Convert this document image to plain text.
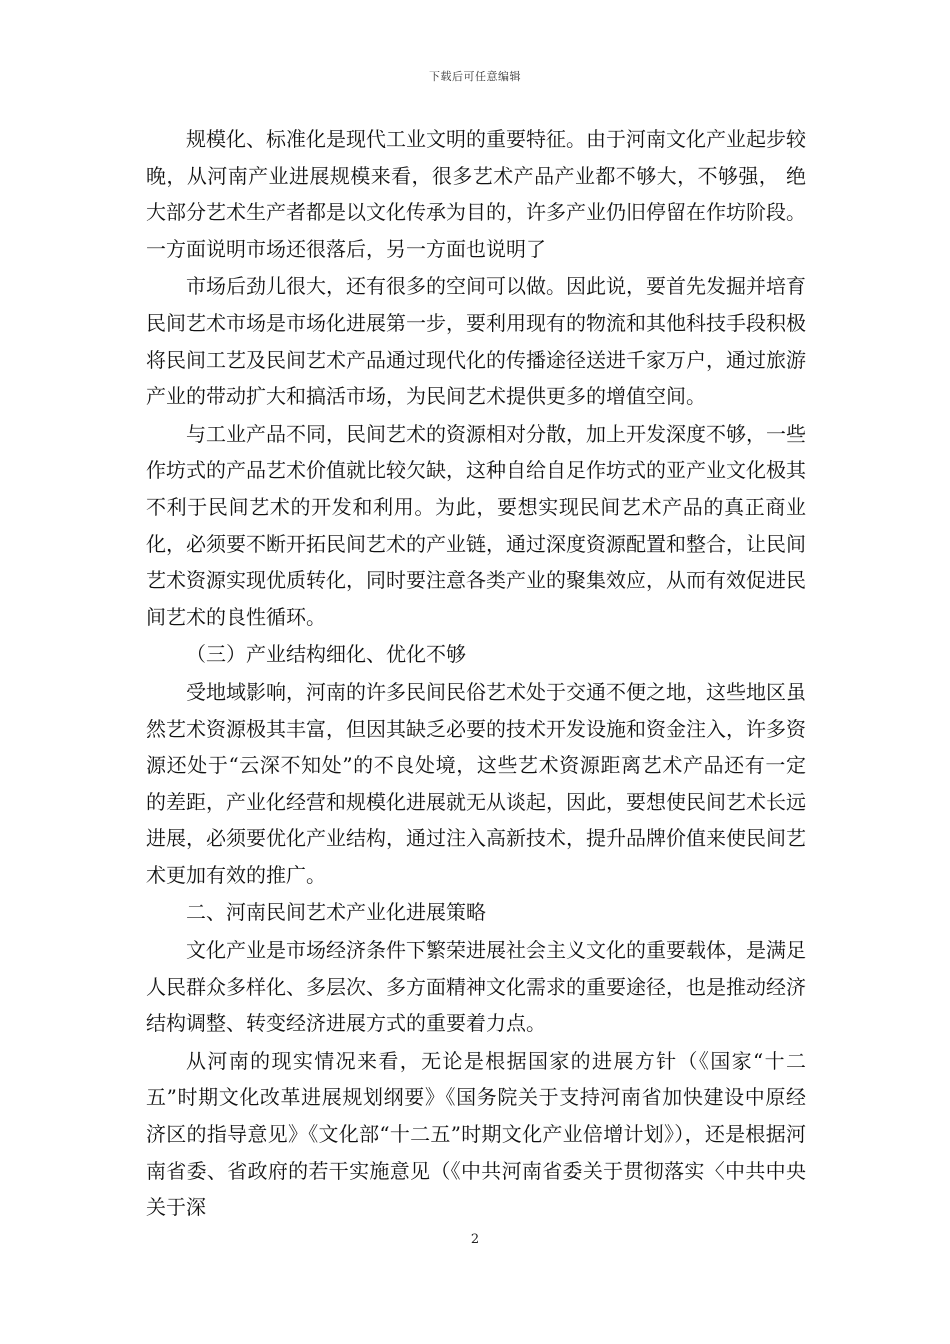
下载后可任意编辑

规模化、标准化是现代工业文明的重要特征。由于河南文化产业起步较晚，从河南产业进展规模来看，很多艺术产品产业都不够大，不够强， 绝大部分艺术生产者都是以文化传承为目的，许多产业仍旧停留在作坊阶段。一方面说明市场还很落后，另一方面也说明了

市场后劲儿很大，还有很多的空间可以做。因此说，要首先发掘并培育民间艺术市场是市场化进展第一步，要利用现有的物流和其他科技手段积极将民间工艺及民间艺术产品通过现代化的传播途径送进千家万户，通过旅游产业的带动扩大和搞活市场，为民间艺术提供更多的增值空间。

与工业产品不同，民间艺术的资源相对分散，加上开发深度不够，一些作坊式的产品艺术价值就比较欠缺，这种自给自足作坊式的亚产业文化极其不利于民间艺术的开发和利用。为此，要想实现民间艺术产品的真正商业化，必须要不断开拓民间艺术的产业链，通过深度资源配置和整合，让民间艺术资源实现优质转化，同时要注意各类产业的聚集效应，从而有效促进民间艺术的良性循环。

（三）产业结构细化、优化不够

受地域影响，河南的许多民间民俗艺术处于交通不便之地，这些地区虽然艺术资源极其丰富，但因其缺乏必要的技术开发设施和资金注入，许多资源还处于“云深不知处”的不良处境，这些艺术资源距离艺术产品还有一定的差距，产业化经营和规模化进展就无从谈起，因此，要想使民间艺术长远进展，必须要优化产业结构，通过注入高新技术，提升品牌价值来使民间艺术更加有效的推广。

二、河南民间艺术产业化进展策略

文化产业是市场经济条件下繁荣进展社会主义文化的重要载体，是满足人民群众多样化、多层次、多方面精神文化需求的重要途径，也是推动经济结构调整、转变经济进展方式的重要着力点。

从河南的现实情况来看，无论是根据国家的进展方针（《国家“十二五”时期文化改革进展规划纲要》《国务院关于支持河南省加快建设中原经济区的指导意见》《文化部“十二五”时期文化产业倍增计划》），还是根据河南省委、省政府的若干实施意见（《中共河南省委关于贯彻落实〈中共中央关于深

2
